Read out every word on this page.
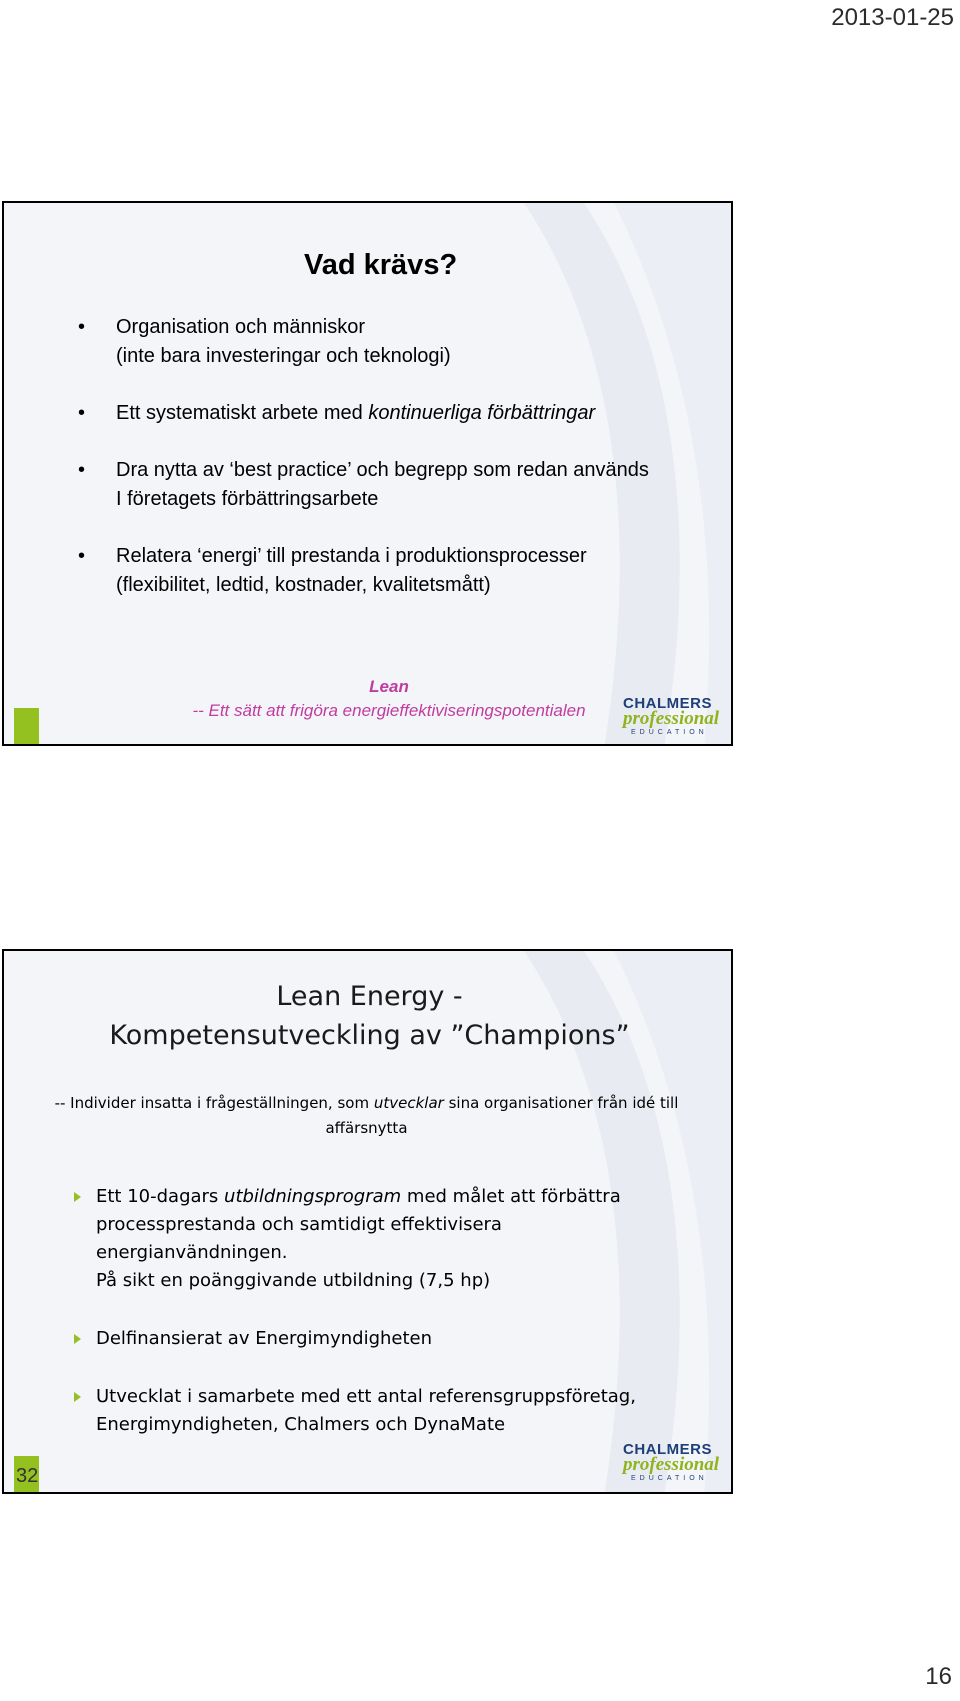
2013-01-25
Vad krävs?
• Organisation och människor
(inte bara investeringar och teknologi)
• Ett systematiskt arbete med kontinuerliga förbättringar
• Dra nytta av ‘best practice’ och begrepp som redan används
I företagets förbättringsarbete
• Relatera ‘energi’ till prestanda i produktionsprocesser
(flexibilitet, ledtid, kostnader, kvalitetsmått)
Lean
-- Ett sätt att frigöra energieffektiviseringspotentialen	CHALMERS
professional
EDUCATION
Lean Energy -
Kompetensutveckling av ”Champions”
-- Individer insatta i frågeställningen, som utvecklar sina organisationer från idé till
affärsnytta
Ett 10-dagars utbildningsprogram med målet att förbättra
processprestanda och samtidigt effektivisera
energianvändningen.
På sikt en poänggivande utbildning (7,5 hp)
Delfinansierat av Energimyndigheten
Utvecklat i samarbete med ett antal referensgruppsföretag,
Energimyndigheten, Chalmers och DynaMate
32
CHALMERS
professional
EDUCATION
16
